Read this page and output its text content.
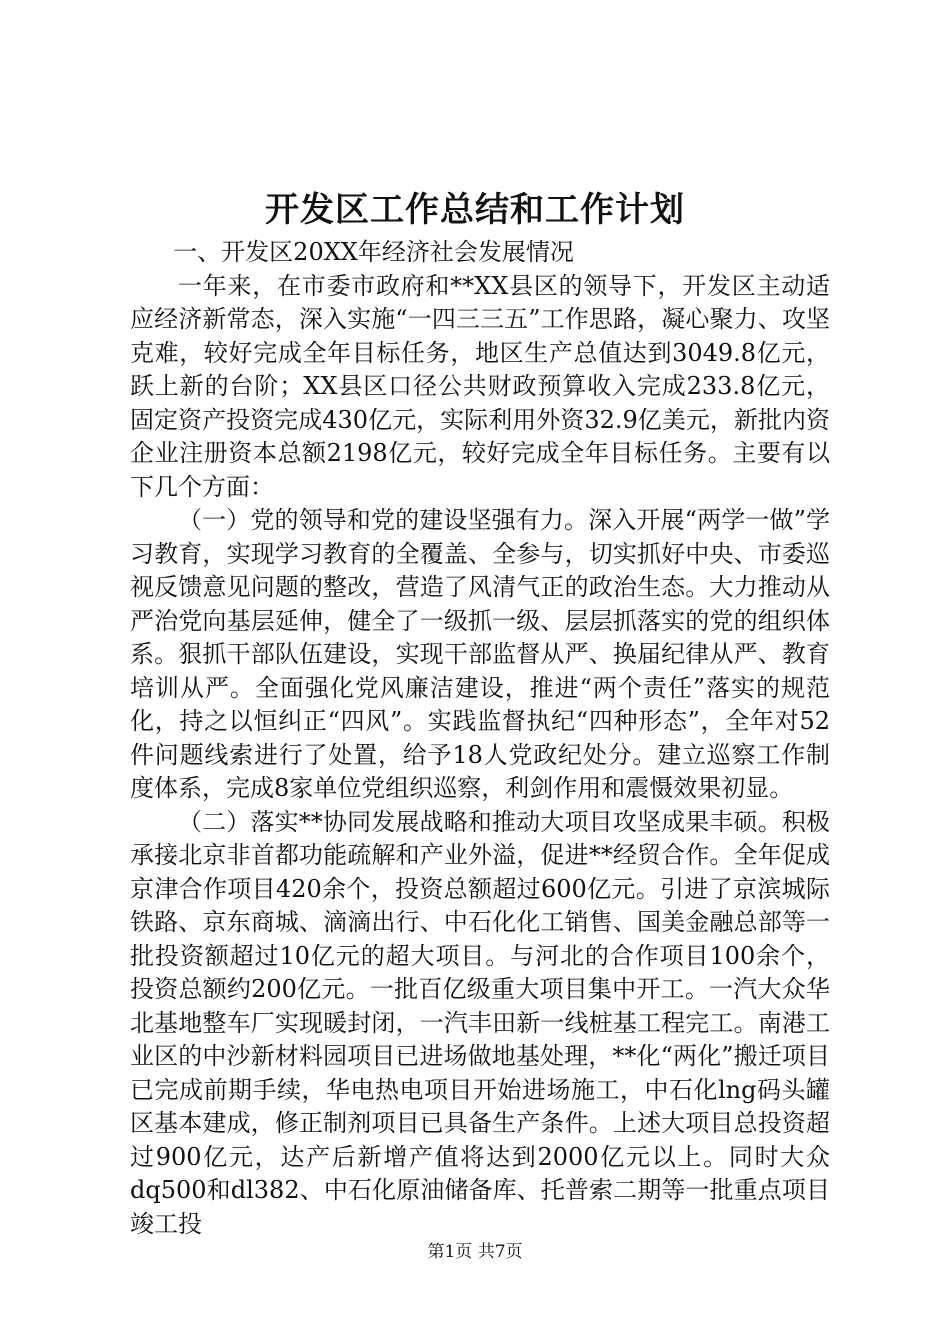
开发区工作总结和工作计划

一、开发区20XX年经济社会发展情况

一年来，在市委市政府和**XX县区的领导下，开发区主动适应经济新常态，深入实施“一四三三五”工作思路，凝心聚力、攻坚克难，较好完成全年目标任务，地区生产总值达到3049.8亿元，跃上新的台阶；XX县区口径公共财政预算收入完成233.8亿元，固定资产投资完成430亿元，实际利用外资32.9亿美元，新批内资企业注册资本总额2198亿元，较好完成全年目标任务。主要有以下几个方面：

（一）党的领导和党的建设坚强有力。深入开展“两学一做”学习教育，实现学习教育的全覆盖、全参与，切实抓好中央、市委巡视反馈意见问题的整改，营造了风清气正的政治生态。大力推动从严治党向基层延伸，健全了一级抓一级、层层抓落实的党的组织体系。狠抓干部队伍建设，实现干部监督从严、换届纪律从严、教育培训从严。全面强化党风廉洁建设，推进“两个责任”落实的规范化，持之以恒纠正“四风”。实践监督执纪“四种形态”，全年对52件问题线索进行了处置，给予18人党政纪处分。建立巡察工作制度体系，完成8家单位党组织巡察，利剑作用和震慑效果初显。

（二）落实**协同发展战略和推动大项目攻坚成果丰硕。积极承接北京非首都功能疏解和产业外溢，促进**经贸合作。全年促成京津合作项目420余个，投资总额超过600亿元。引进了京滨城际铁路、京东商城、滴滴出行、中石化化工销售、国美金融总部等一批投资额超过10亿元的超大项目。与河北的合作项目100余个，投资总额约200亿元。一批百亿级重大项目集中开工。一汽大众华北基地整车厂实现暖封闭，一汽丰田新一线桩基工程完工。南港工业区的中沙新材料园项目已进场做地基处理，**化“两化”搬迁项目已完成前期手续，华电热电项目开始进场施工，中石化lng码头罐区基本建成，修正制剂项目已具备生产条件。上述大项目总投资超过900亿元，达产后新增产值将达到2000亿元以上。同时大众dq500和dl382、中石化原油储备库、托普索二期等一批重点项目竣工投

第1页 共7页
